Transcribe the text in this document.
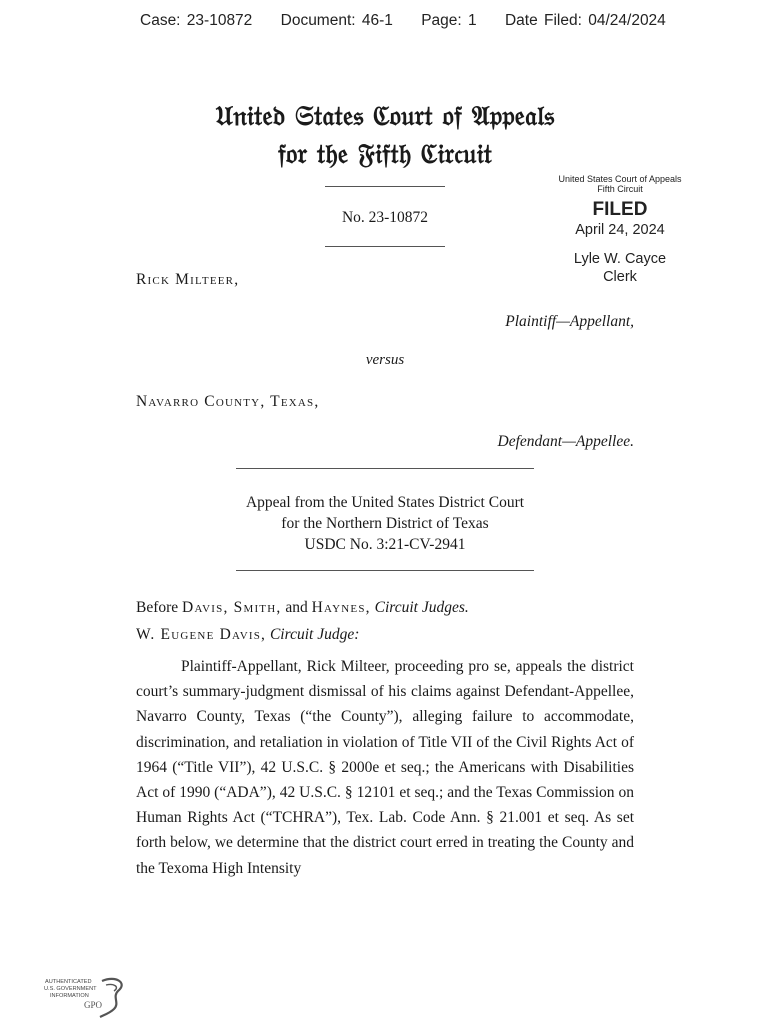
Case: 23-10872 Document: 46-1 Page: 1 Date Filed: 04/24/2024
𝔘𝔫𝔦𝔱𝔢𝔡 𝔖𝔱𝔞𝔱𝔢𝔰 ℭ𝔬𝔲𝔯𝔱 𝔬𝔣 𝔄𝔭𝔭𝔢𝔞𝔩𝔰
𝔣𝔬𝔯 𝔱𝔥𝔢 𝔉𝔦𝔣𝔱𝔥 ℭ𝔦𝔯𝔠𝔲𝔦𝔱
No. 23-10872
United States Court of Appeals
Fifth Circuit
FILED
April 24, 2024
Lyle W. Cayce
Clerk
Rick Milteer,
Plaintiff—Appellant,
versus
Navarro County, Texas,
Defendant—Appellee.
Appeal from the United States District Court
for the Northern District of Texas
USDC No. 3:21-CV-2941
Before Davis, Smith, and Haynes, Circuit Judges.
W. Eugene Davis, Circuit Judge:

Plaintiff-Appellant, Rick Milteer, proceeding pro se, appeals the district court’s summary-judgment dismissal of his claims against Defendant-Appellee, Navarro County, Texas (“the County”), alleging failure to accommodate, discrimination, and retaliation in violation of Title VII of the Civil Rights Act of 1964 (“Title VII”), 42 U.S.C. § 2000e et seq.; the Americans with Disabilities Act of 1990 (“ADA”), 42 U.S.C. § 12101 et seq.; and the Texas Commission on Human Rights Act (“TCHRA”), Tex. Lab. Code Ann. § 21.001 et seq. As set forth below, we determine that the district court erred in treating the County and the Texoma High Intensity

AUTHENTICATED
U.S. GOVERNMENT
INFORMATION
GPO
